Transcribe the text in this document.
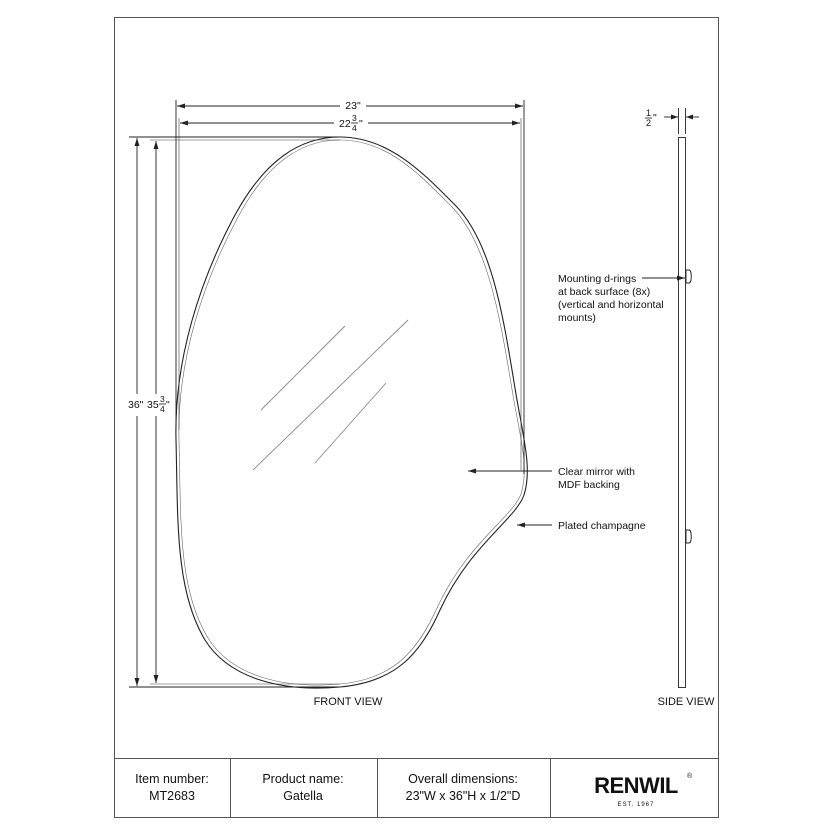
23"
22 3
4 "
36" 35 3
4 "
FRONT VIEW
1
2 "
SIDE VIEW
Mounting d-rings
at back surface (8x)
(vertical and horizontal
mounts)
Clear mirror with
MDF backing
Plated champagne
Item number:
MT2683
Product name:
Gatella
Overall dimensions:
23"W x 36"H x 1/2"D	RENWIL ®
EST. 1967
